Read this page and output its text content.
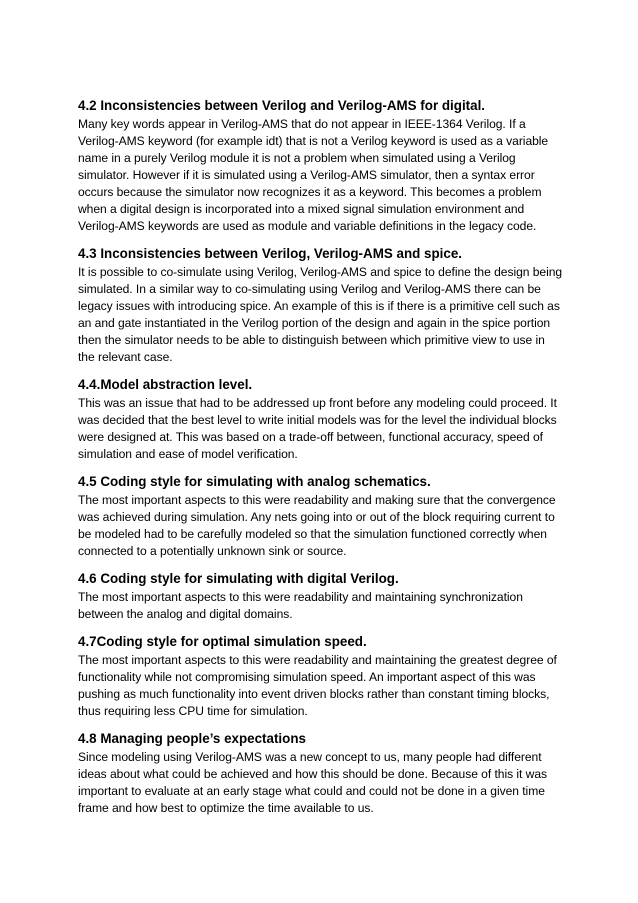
4.2 Inconsistencies between Verilog and Verilog-AMS for digital.

Many key words appear in Verilog-AMS that do not appear in IEEE-1364 Verilog. If a Verilog-AMS keyword (for example idt) that is not a Verilog keyword is used as a variable name in a purely Verilog module it is not a problem when simulated using a Verilog simulator. However if it is simulated using a Verilog-AMS simulator, then a syntax error occurs because the simulator now recognizes it as a keyword. This becomes a problem when a digital design is incorporated into a mixed signal simulation environment and Verilog-AMS keywords are used as module and variable definitions in the legacy code.

4.3 Inconsistencies between Verilog, Verilog-AMS and spice.

It is possible to co-simulate using Verilog, Verilog-AMS and spice to define the design being simulated. In a similar way to co-simulating using Verilog and Verilog-AMS there can be legacy issues with introducing spice. An example of this is if there is a primitive cell such as an and gate instantiated in the Verilog portion of the design and again in the spice portion then the simulator needs to be able to distinguish between which primitive view to use in the relevant case.

4.4.Model abstraction level.

This was an issue that had to be addressed up front before any modeling could proceed. It was decided that the best level to write initial models was for the level the individual blocks were designed at. This was based on a trade-off between, functional accuracy, speed of simulation and ease of model verification.

4.5 Coding style for simulating with analog schematics.

The most important aspects to this were readability and making sure that the convergence was achieved during simulation. Any nets going into or out of the block requiring current to be modeled had to be carefully modeled so that the simulation functioned correctly when connected to a potentially unknown sink or source.

4.6 Coding style for simulating with digital Verilog.

The most important aspects to this were readability and maintaining synchronization between the analog and digital domains.

4.7Coding style for optimal simulation speed.

The most important aspects to this were readability and maintaining the greatest degree of functionality while not compromising simulation speed. An important aspect of this was pushing as much functionality into event driven blocks rather than constant timing blocks, thus requiring less CPU time for simulation.

4.8 Managing people’s expectations

Since modeling using Verilog-AMS was a new concept to us, many people had different ideas about what could be achieved and how this should be done. Because of this it was important to evaluate at an early stage what could and could not be done in a given time frame and how best to optimize the time available to us.
